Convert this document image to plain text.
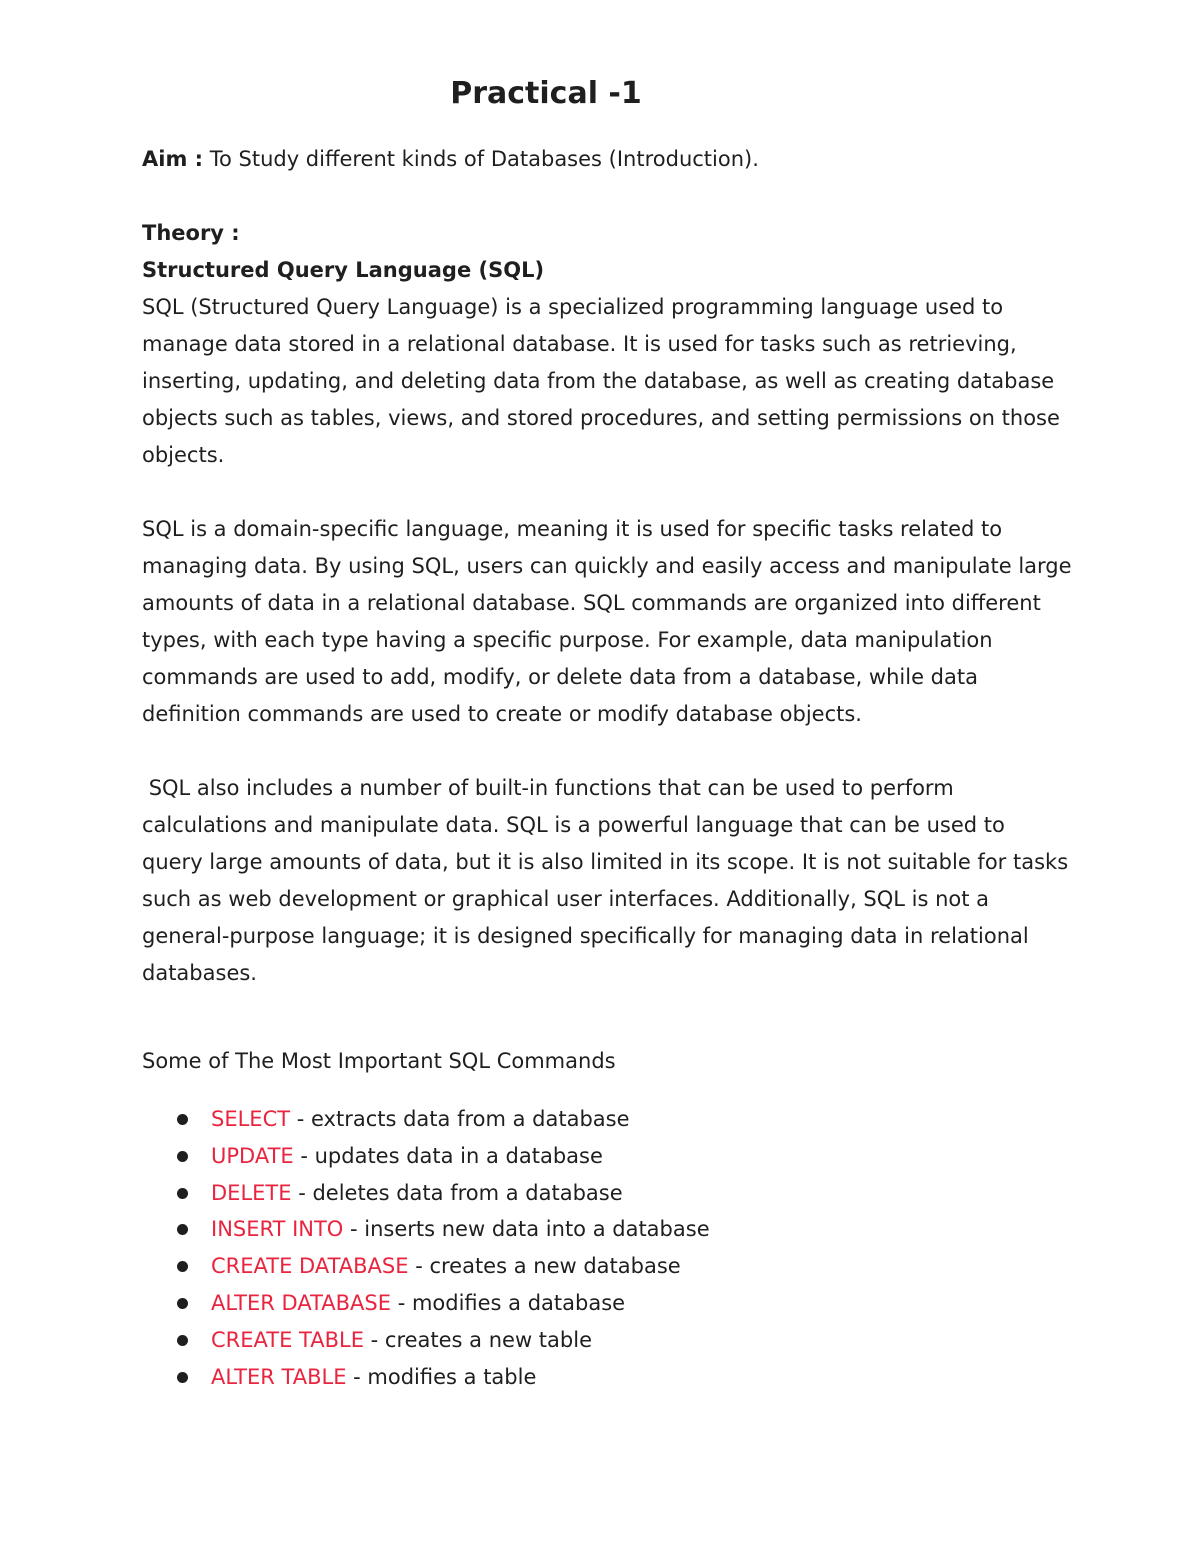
Practical -1

Aim : To Study different kinds of Databases (Introduction).

Theory :

Structured Query Language (SQL)

SQL (Structured Query Language) is a specialized programming language used to manage data stored in a relational database. It is used for tasks such as retrieving, inserting, updating, and deleting data from the database, as well as creating database objects such as tables, views, and stored procedures, and setting permissions on those objects.

SQL is a domain-specific language, meaning it is used for specific tasks related to managing data. By using SQL, users can quickly and easily access and manipulate large amounts of data in a relational database. SQL commands are organized into different types, with each type having a specific purpose. For example, data manipulation commands are used to add, modify, or delete data from a database, while data definition commands are used to create or modify database objects.

SQL also includes a number of built-in functions that can be used to perform calculations and manipulate data. SQL is a powerful language that can be used to query large amounts of data, but it is also limited in its scope. It is not suitable for tasks such as web development or graphical user interfaces. Additionally, SQL is not a general-purpose language; it is designed specifically for managing data in relational databases.

Some of The Most Important SQL Commands

SELECT - extracts data from a database
UPDATE - updates data in a database
DELETE - deletes data from a database
INSERT INTO - inserts new data into a database
CREATE DATABASE - creates a new database
ALTER DATABASE - modifies a database
CREATE TABLE - creates a new table
ALTER TABLE - modifies a table
